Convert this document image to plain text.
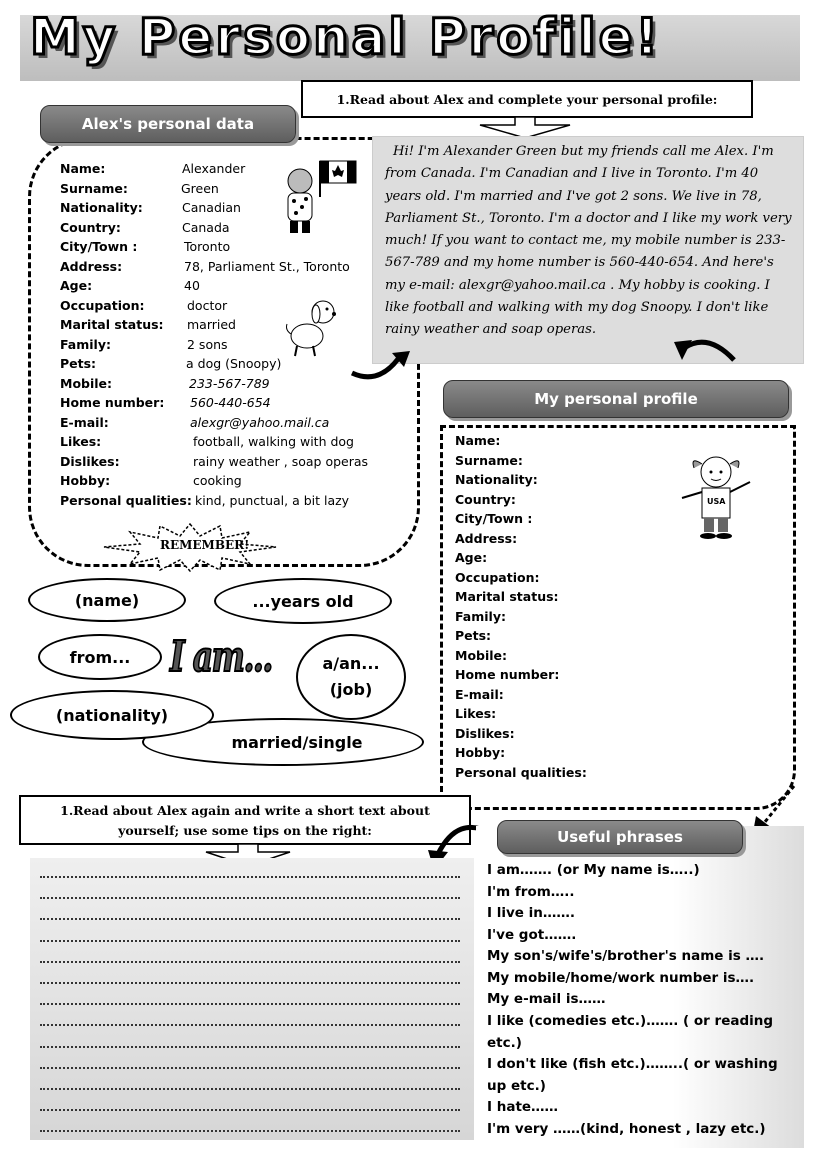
My Personal Profile!
1.Read about Alex and complete your personal profile:
Alex's personal data
Name:	Alexander
Surname:	Green
Nationality:	Canadian
Country:	Canada
City/Town :	Toronto
Address:	78, Parliament St., Toronto
Age:	40
Occupation:	doctor
Marital status: married
Family:	2 sons
Pets:	a dog (Snoopy)
Mobile:	233-567-789
Home number: 560-440-654
E-mail:	alexgr@yahoo.mail.ca
Likes:	football, walking with dog
Dislikes:	rainy weather , soap operas
Hobby:	cooking
Personal qualities: kind, punctual, a bit lazy
Hi! I'm Alexander Green but my friends call me Alex. I'm from Canada. I'm Canadian and I live in Toronto. I'm 40 years old. I'm married and I've got 2 sons. We live in 78, Parliament St., Toronto. I'm a doctor and I like my work very much! If you want to contact me, my mobile number is 233-567-789 and my home number is 560-440-654. And here's my e-mail: alexgr@yahoo.mail.ca . My hobby is cooking. I like football and walking with my dog Snoopy. I don't like rainy weather and soap operas.
My personal profile
Name:
Surname:
Nationality:
Country:
City/Town :
Address:
Age:
Occupation:
Marital status:
Family:
Pets:
Mobile:
Home number:
E-mail:
Likes:
Dislikes:
Hobby:
Personal qualities:
USA
REMEMBER!
(name)	...years old
from...	a/an... (job)
married/single
(nationality)
I am...
1.Read about Alex again and write a short text about yourself; use some tips on the right:	Useful phrases
I am……. (or My name is…..)
I'm from…..
I live in…….
I've got…….
My son's/wife's/brother's name is ….
My mobile/home/work number is….
My e-mail is……
I like (comedies etc.)……. ( or reading etc.)
I don't like (fish etc.)……..( or washing up etc.)
I hate……
I'm very ……(kind, honest , lazy etc.)
